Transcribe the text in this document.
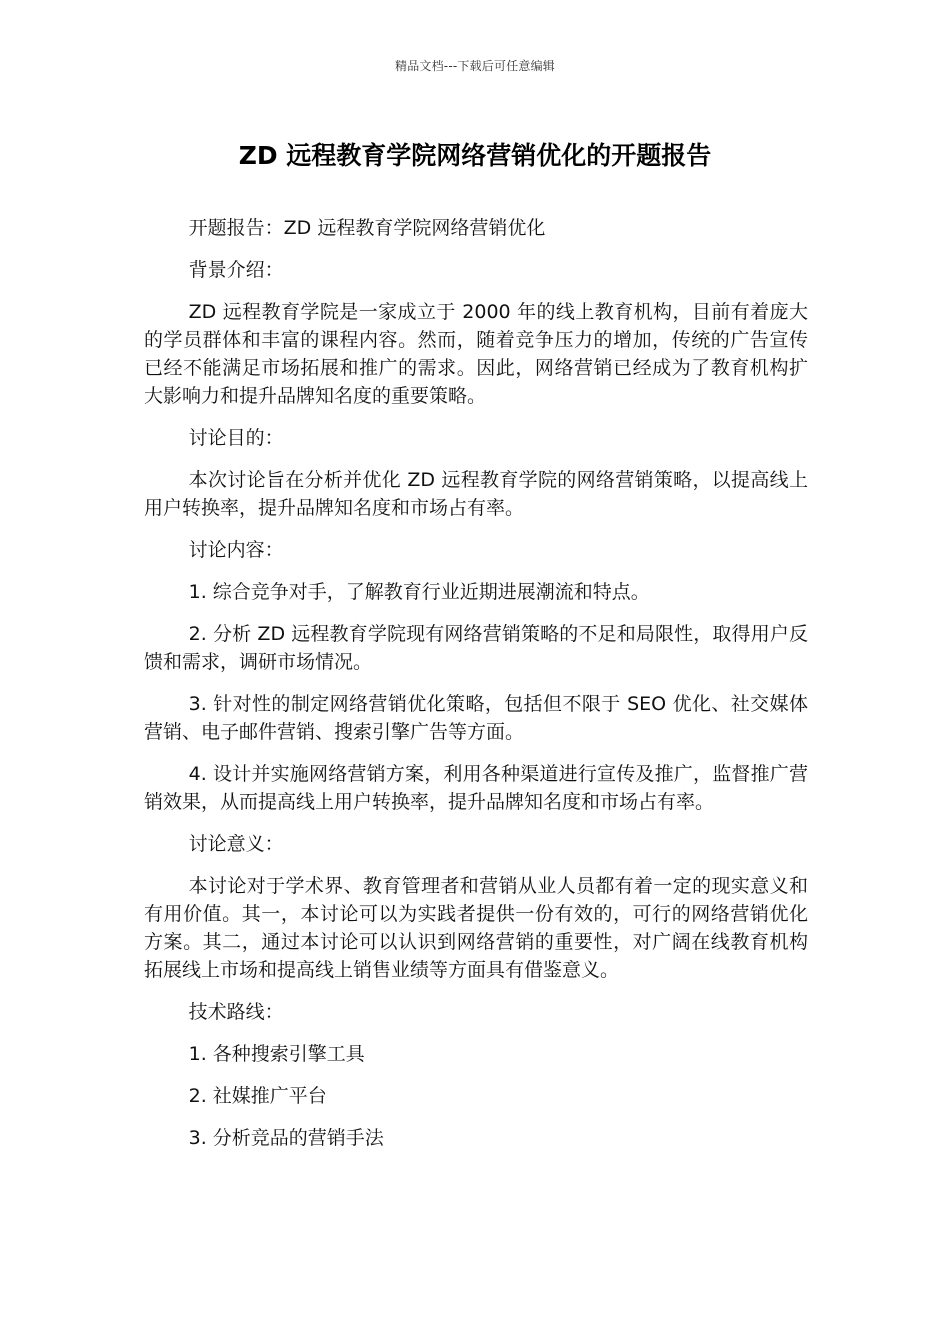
精品文档---下载后可任意编辑
ZD 远程教育学院网络营销优化的开题报告

开题报告：ZD 远程教育学院网络营销优化

背景介绍：

ZD 远程教育学院是一家成立于 2000 年的线上教育机构，目前有着庞大的学员群体和丰富的课程内容。然而，随着竞争压力的增加，传统的广告宣传已经不能满足市场拓展和推广的需求。因此，网络营销已经成为了教育机构扩大影响力和提升品牌知名度的重要策略。

讨论目的：

本次讨论旨在分析并优化 ZD 远程教育学院的网络营销策略，以提高线上用户转换率，提升品牌知名度和市场占有率。

讨论内容：

1. 综合竞争对手，了解教育行业近期进展潮流和特点。

2. 分析 ZD 远程教育学院现有网络营销策略的不足和局限性，取得用户反馈和需求，调研市场情况。

3. 针对性的制定网络营销优化策略，包括但不限于 SEO 优化、社交媒体营销、电子邮件营销、搜索引擎广告等方面。

4. 设计并实施网络营销方案，利用各种渠道进行宣传及推广，监督推广营销效果，从而提高线上用户转换率，提升品牌知名度和市场占有率。

讨论意义：

本讨论对于学术界、教育管理者和营销从业人员都有着一定的现实意义和有用价值。其一，本讨论可以为实践者提供一份有效的，可行的网络营销优化方案。其二，通过本讨论可以认识到网络营销的重要性，对广阔在线教育机构拓展线上市场和提高线上销售业绩等方面具有借鉴意义。

技术路线：

1. 各种搜索引擎工具

2. 社媒推广平台

3. 分析竞品的营销手法
